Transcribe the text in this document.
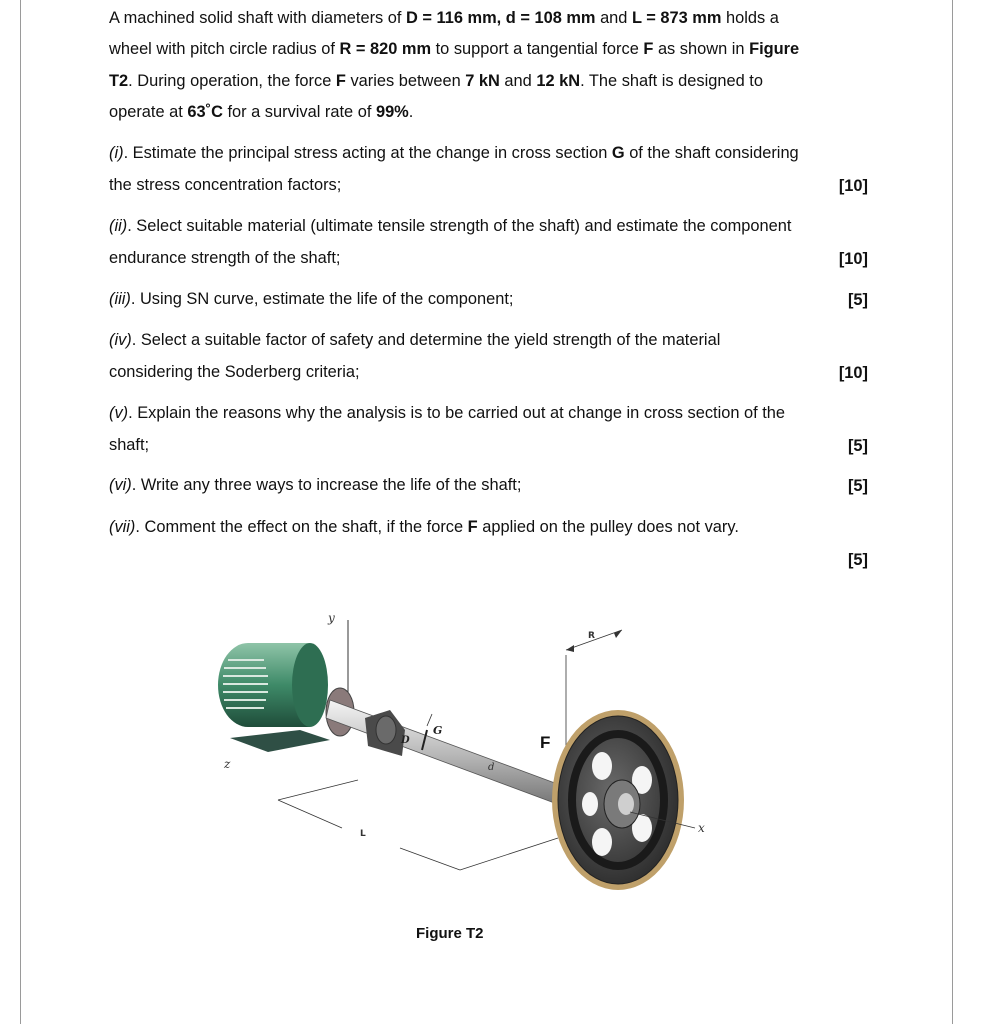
A machined solid shaft with diameters of D = 116 mm, d = 108 mm and L = 873 mm holds a wheel with pitch circle radius of R = 820 mm to support a tangential force F as shown in Figure T2. During operation, the force F varies between 7 kN and 12 kN. The shaft is designed to operate at 63˚C for a survival rate of 99%.
(i). Estimate the principal stress acting at the change in cross section G of the shaft considering the stress concentration factors;	[10]
(ii). Select suitable material (ultimate tensile strength of the shaft) and estimate the component endurance strength of the shaft;	[10]
(iii). Using SN curve, estimate the life of the component;	[5]
(iv). Select a suitable factor of safety and determine the yield strength of the material considering the Soderberg criteria;	[10]
(v). Explain the reasons why the analysis is to be carried out at change in cross section of the shaft;	[5]
(vi). Write any three ways to increase the life of the shaft;	[5]
(vii). Comment the effect on the shaft, if the force F applied on the pulley does not vary.
[5]
y
z
G
D
d
R
F
x
L
Figure T2
